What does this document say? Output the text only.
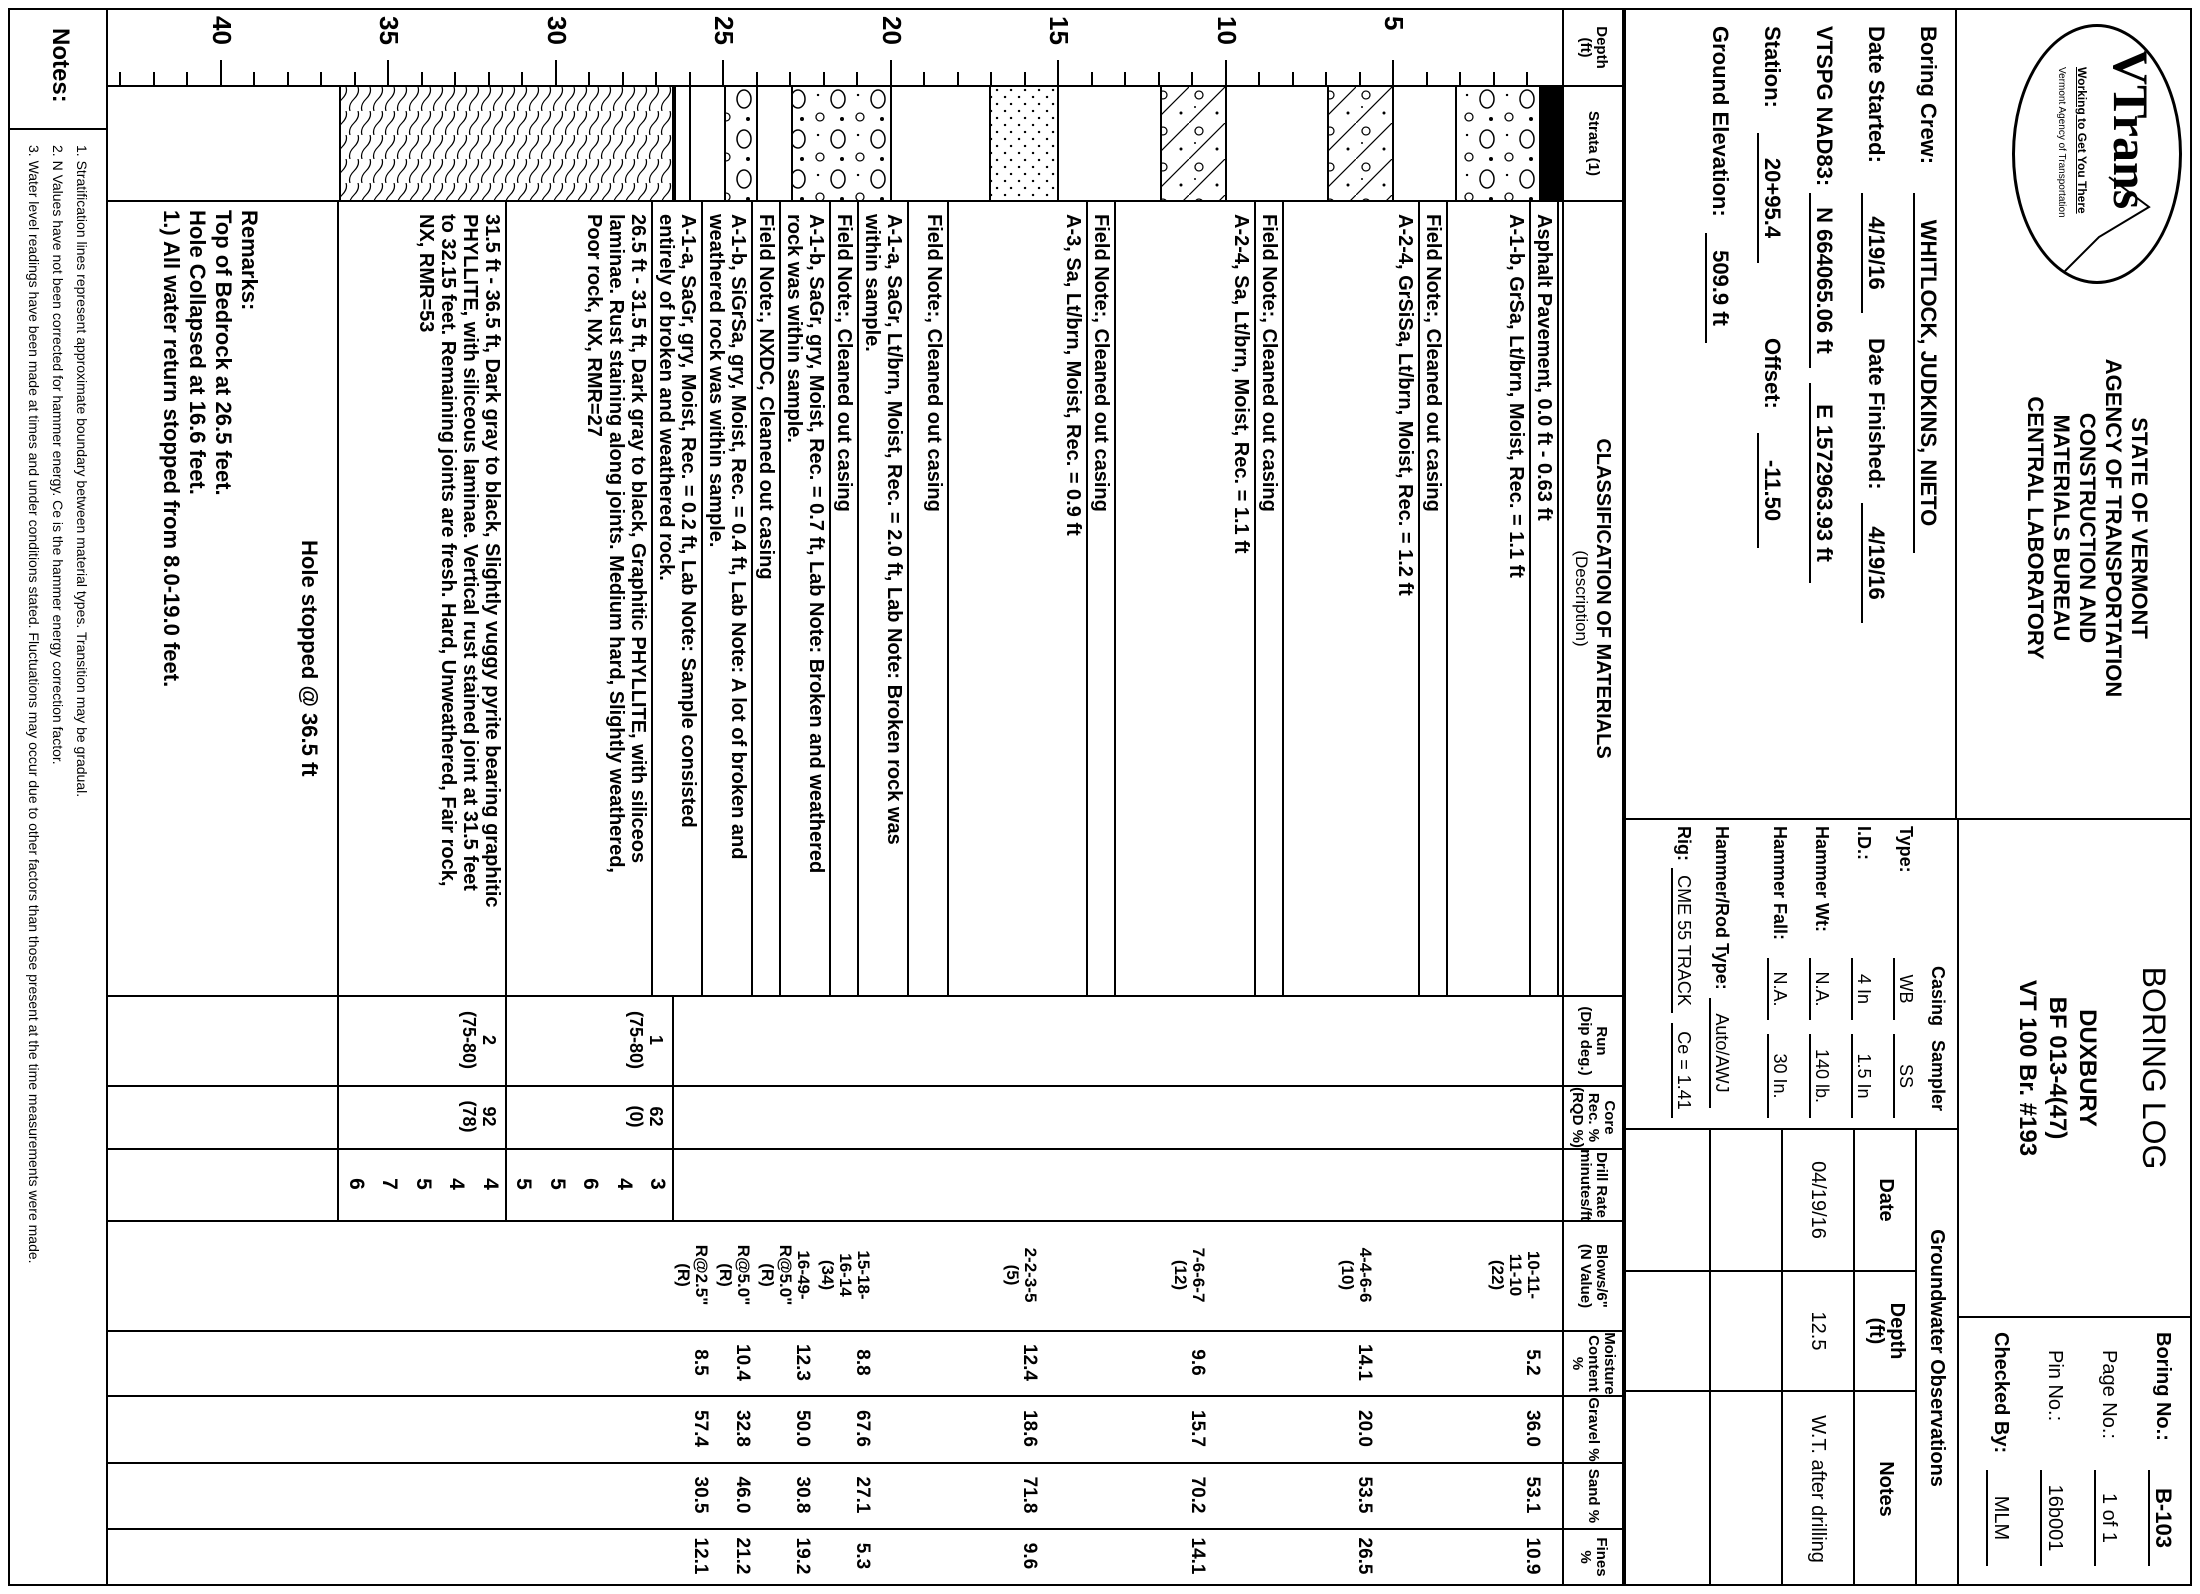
VTrans
Working to Get You There
Vermont Agency of Transportation
STATE OF VERMONT
AGENCY OF TRANSPORTATION
CONSTRUCTION AND
MATERIALS BUREAU
CENTRAL LABORATORY
Boring Crew:
WHITLOCK, JUDKINS, NIETO
Date Started:
4/19/16
Date Finished:
4/19/16
VTSPG NAD83:
N 664065.06 ft
E 1572963.93 ft
Station:
20+95.4
Offset:
-11.50
Ground Elevation:
509.9 ft
BORING LOG
DUXBURY
BF 013-4(47)
VT 100 Br. #193
Boring No.:
B-103
Page No.:
1 of 1
Pin No.:
16b001
Checked By:
MLM
Casing
Sampler
Type:
WB
SS
I.D.:
4 In
1.5 In
Hammer Wt:
N.A.
140 lb.
Hammer Fall:
N.A.
30 In.
Hammer/Rod Type:
Auto/AWJ
Rig:
CME 55 TRACK
Ce = 1.41
Groundwater Observations
Date
Depth
(ft)
Notes
04/19/16
12.5
W.T. after drilling
Depth
(ft)
Strata (1)
Run
(Dip deg.)
Core Rec. %
(RQD %)
Drill Rate
minutes/ft
Blows/6"
(N Value)
Moisture
Content %
Gravel %
Sand %
Fines %
CLASSIFICATION OF MATERIALS
(Description)
5
10
15
20
25
30
35
40
Asphalt Pavement, 0.0 ft - 0.63 ft
A-1-b, GrSa, Lt/brn, Moist, Rec. = 1.1 ft
Field Note:, Cleaned out casing
A-2-4, GrSiSa, Lt/brn, Moist, Rec. = 1.2 ft
Field Note:, Cleaned out casing
A-2-4, Sa, Lt/brn, Moist, Rec. = 1.1 ft
Field Note:, Cleaned out casing
A-3, Sa, Lt/brn, Moist, Rec. = 0.9 ft
Field Note:, Cleaned out casing
A-1-a, SaGr, Lt/brn, Moist, Rec. = 2.0 ft, Lab Note: Broken rock was
within sample.
Field Note:, Cleaned out casing
A-1-b, SaGr, gry, Moist, Rec. = 0.7 ft, Lab Note: Broken and weathered
rock was within sample.
Field Note:, NXDC, Cleaned out casing
A-1-b, SiGrSa, gry, Moist, Rec. = 0.4 ft, Lab Note: A lot of broken and
weathered rock was within sample.
A-1-a, SaGr, gry, Moist, Rec. = 0.2 ft, Lab Note: Sample consisted
entirely of broken and weathered rock.
26.5 ft - 31.5 ft, Dark gray to black, Graphitic PHYLLITE, with siliceos
laminae. Rust staining along joints. Medium hard, Slightly weathered,
Poor rock, NX, RMR=27
31.5 ft - 36.5 ft, Dark gray to black, Slightly vuggy pyrite bearing graphitic
PHYLLITE, with siliceous laminae. Vertical rust stained joint at 31.5 feet
to 32.15 feet. Remaining joints are fresh. Hard, Unweathered, Fair rock,
NX, RMR=53
Hole stopped @ 36.5 ft
Remarks:
Top of Bedrock at 26.5 feet.
Hole Collapsed at 16.6 feet.
1.) All water return stopped from 8.0-19.0 feet.
1
(75-80)
62
(0)
3
4
6
5
5
2
(75-80)
92
(78)
4
4
5
7
6
10-11-
11-10
(22)
5.2
36.0
53.1
10.9
4-4-6-6
(10)
14.1
20.0
53.5
26.5
7-6-6-7
(12)
9.6
15.7
70.2
14.1
2-2-3-5
(5)
12.4
18.6
71.8
9.6
15-18-
16-14
(34)
8.8
67.6
27.1
5.3
16-49-
R@5.0"
(R)
12.3
50.0
30.8
19.2
R@5.0"
(R)
10.4
32.8
46.0
21.2
R@2.5"
(R)
8.5
57.4
30.5
12.1
Notes:
1. Stratification lines represent approximate boundary between material types. Transition may be gradual.
2. N Values have not been corrected for hammer energy. Ce is the hammer energy correction factor.
3. Water level readings have been made at times and under conditions stated. Fluctuations may occur due to other factors than those present at the time measurements were made.
